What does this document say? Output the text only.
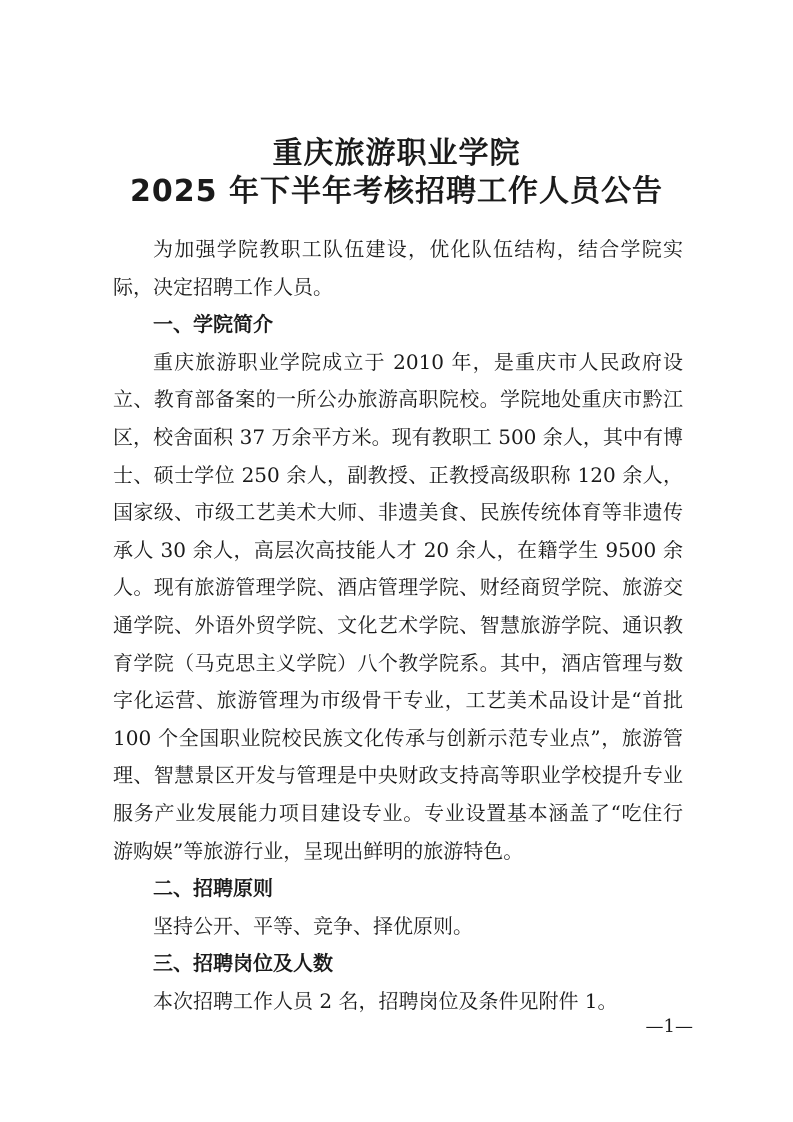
重庆旅游职业学院
2025 年下半年考核招聘工作人员公告

为加强学院教职工队伍建设，优化队伍结构，结合学院实际，决定招聘工作人员。

一、学院简介

重庆旅游职业学院成立于 2010 年，是重庆市人民政府设立、教育部备案的一所公办旅游高职院校。学院地处重庆市黔江区，校舍面积 37 万余平方米。现有教职工 500 余人，其中有博士、硕士学位 250 余人，副教授、正教授高级职称 120 余人，国家级、市级工艺美术大师、非遗美食、民族传统体育等非遗传承人 30 余人，高层次高技能人才 20 余人，在籍学生 9500 余人。现有旅游管理学院、酒店管理学院、财经商贸学院、旅游交通学院、外语外贸学院、文化艺术学院、智慧旅游学院、通识教育学院（马克思主义学院）八个教学院系。其中，酒店管理与数字化运营、旅游管理为市级骨干专业，工艺美术品设计是“首批 100 个全国职业院校民族文化传承与创新示范专业点”，旅游管理、智慧景区开发与管理是中央财政支持高等职业学校提升专业服务产业发展能力项目建设专业。专业设置基本涵盖了“吃住行游购娱”等旅游行业，呈现出鲜明的旅游特色。

二、招聘原则

坚持公开、平等、竞争、择优原则。

三、招聘岗位及人数

本次招聘工作人员 2 名，招聘岗位及条件见附件 1。

—1—
